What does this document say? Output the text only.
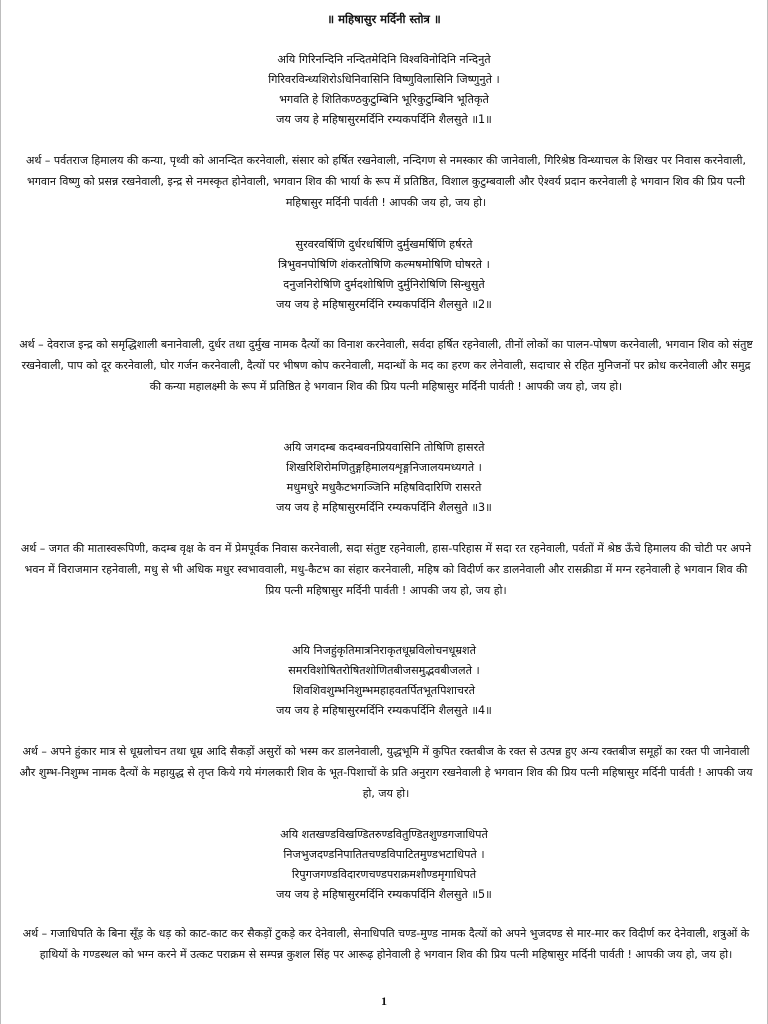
॥ महिषासुर मर्दिनी स्तोत्र ॥
अयि गिरिनन्दिनि नन्दितमेदिनि विश्वविनोदिनि नन्दिनुते
गिरिवरविन्ध्यशिरोऽधिनिवासिनि विष्णुविलासिनि जिष्णुनुते ।
भगवति हे शितिकण्ठकुटुम्बिनि भूरिकुटुम्बिनि भूतिकृते
जय जय हे महिषासुरमर्दिनि रम्यकपर्दिनि शैलसुते ॥1॥
अर्थ – पर्वतराज हिमालय की कन्या, पृथ्वी को आनन्दित करनेवाली, संसार को हर्षित रखनेवाली, नन्दिगण से नमस्कार की जानेवाली, गिरिश्रेष्ठ विन्ध्याचल के शिखर पर निवास करनेवाली, भगवान विष्णु को प्रसन्न रखनेवाली, इन्द्र से नमस्कृत होनेवाली, भगवान शिव की भार्या के रूप में प्रतिष्ठित, विशाल कुटुम्बवाली और ऐश्वर्य प्रदान करनेवाली हे भगवान शिव की प्रिय पत्नी महिषासुर मर्दिनी पार्वती ! आपकी जय हो, जय हो।
सुरवरवर्षिणि दुर्धरधर्षिणि दुर्मुखमर्षिणि हर्षरते
त्रिभुवनपोषिणि शंकरतोषिणि कल्मषमोषिणि घोषरते ।
दनुजनिरोषिणि दुर्मदशोषिणि दुर्मुनिरोषिणि सिन्धुसुते
जय जय हे महिषासुरमर्दिनि रम्यकपर्दिनि शैलसुते ॥2॥
अर्थ – देवराज इन्द्र को समृद्धिशाली बनानेवाली, दुर्धर तथा दुर्मुख नामक दैत्यों का विनाश करनेवाली, सर्वदा हर्षित रहनेवाली, तीनों लोकों का पालन-पोषण करनेवाली, भगवान शिव को संतुष्ट रखनेवाली, पाप को दूर करनेवाली, घोर गर्जन करनेवाली, दैत्यों पर भीषण कोप करनेवाली, मदान्धों के मद का हरण कर लेनेवाली, सदाचार से रहित मुनिजनों पर क्रोध करनेवाली और समुद्र की कन्या महालक्ष्मी के रूप में प्रतिष्ठित हे भगवान शिव की प्रिय पत्नी महिषासुर मर्दिनी पार्वती ! आपकी जय हो, जय हो।
अयि जगदम्ब कदम्बवनप्रियवासिनि तोषिणि हासरते
शिखरिशिरोमणितुङ्गहिमालयशृङ्गनिजालयमध्यगते ।
मधुमधुरे मधुकैटभगञ्जिनि महिषविदारिणि रासरते
जय जय हे महिषासुरमर्दिनि रम्यकपर्दिनि शैलसुते ॥3॥
अर्थ – जगत की मातास्वरूपिणी, कदम्ब वृक्ष के वन में प्रेमपूर्वक निवास करनेवाली, सदा संतुष्ट रहनेवाली, हास-परिहास में सदा रत रहनेवाली, पर्वतों में श्रेष्ठ ऊँचे हिमालय की चोटी पर अपने भवन में विराजमान रहनेवाली, मधु से भी अधिक मधुर स्वभाववाली, मधु-कैटभ का संहार करनेवाली, महिष को विदीर्ण कर डालनेवाली और रासक्रीडा में मग्न रहनेवाली हे भगवान शिव की प्रिय पत्नी महिषासुर मर्दिनी पार्वती ! आपकी जय हो, जय हो।
अयि निजहुंकृतिमात्रनिराकृतधूम्रविलोचनधूम्रशते
समरविशोषितरोषितशोणितबीजसमुद्भवबीजलते ।
शिवशिवशुम्भनिशुम्भमहाहवतर्पितभूतपिशाचरते
जय जय हे महिषासुरमर्दिनि रम्यकपर्दिनि शैलसुते ॥4॥
अर्थ – अपने हुंकार मात्र से धूम्रलोचन तथा धूम्र आदि सैकड़ों असुरों को भस्म कर डालनेवाली, युद्धभूमि में कुपित रक्तबीज के रक्त से उत्पन्न हुए अन्य रक्तबीज समूहों का रक्त पी जानेवाली और शुम्भ-निशुम्भ नामक दैत्यों के महायुद्ध से तृप्त किये गये मंगलकारी शिव के भूत-पिशाचों के प्रति अनुराग रखनेवाली हे भगवान शिव की प्रिय पत्नी महिषासुर मर्दिनी पार्वती ! आपकी जय हो, जय हो।
अयि शतखण्डविखण्डितरुण्डवितुण्डितशुण्डगजाधिपते
निजभुजदण्डनिपातितचण्डविपाटितमुण्डभटाधिपते ।
रिपुगजगण्डविदारणचण्डपराक्रमशौण्डमृगाधिपते
जय जय हे महिषासुरमर्दिनि रम्यकपर्दिनि शैलसुते ॥5॥
अर्थ – गजाधिपति के बिना सूँड़ के धड़ को काट-काट कर सैकड़ों टुकड़े कर देनेवाली, सेनाधिपति चण्ड-मुण्ड नामक दैत्यों को अपने भुजदण्ड से मार-मार कर विदीर्ण कर देनेवाली, शत्रुओं के हाथियों के गण्डस्थल को भग्न करने में उत्कट पराक्रम से सम्पन्न कुशल सिंह पर आरूढ़ होनेवाली हे भगवान शिव की प्रिय पत्नी महिषासुर मर्दिनी पार्वती ! आपकी जय हो, जय हो।
1
